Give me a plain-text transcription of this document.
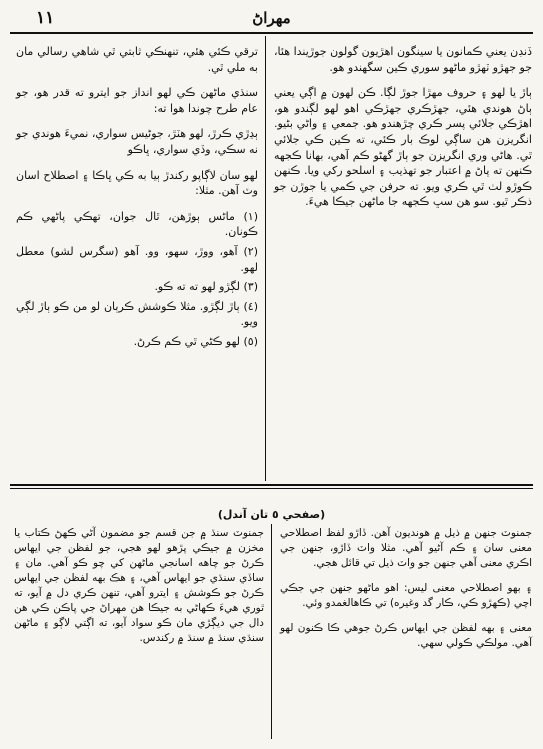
١١	مهراڻ

ڏنڊن يعني ڪمانون يا سينگون اهڙيون گولون جوڙيندا هئا، جو جهڙو ٽهڙو ماڻهو سوري ڪين سگهندو هو.

ٻاڙ يا لهو ۽ حروف مهڙا جوڙ لڳا. ڪن لهون ۾ اڳي يعني ٻاڻ هوندي هئي، جهڙڪري جهڙڪي اهو لهو لڳندو هو، اهڙڪي جلائي پسر ڪري چڙهندو هو. جمعي ۽ واڻي بڻيو. انگريزن هن ساڳي لوڪ بار ڪئي، ته ڪين ڪي جلائي ٿي. هاڻي وري انگريزن جو ٻاڙ گهڻو ڪم آهي، بهانا ڪجهه ڪنهن ته پاڻ ۾ اعتبار جو تهذيب ۽ اسلحو رکي ويا. ڪنهن ڪوڙو لٺ ٿي ڪري ويو. ته حرفن جي ڪمي يا جوڙن جو ذڪر ٿيو. سو هن سڀ ڪجهه جا ماڻهن جيڪا هيءَ.

ترقي ڪئي هئي، تنهنڪي ثابتي ٿي شاهي رسالي مان به ملي ٿي.

سنڌي ماڻهن ڪي لهو انداز جو ايترو ته قدر هو، جو عام طرح چوندا هوا ته:

ٻڍڙي ڪرڙ، لهو هٽڙ، جوڻيس سواري، نميءَ هوندي جو نه سڪي، وڏي سواري، ڀاڪو

لهو سان لاڳاپو رکندڙ ٻيا به ڪي ڀاڪا ۽ اصطلاح اسان وٽ آهن. مثلا:

(١) ماڻس ٻوڙهن، ٿال جوان، تهڪي پاڻهي ڪم ڪونان.
(٢) آهو، ووڙ، سهو، وو. آهو (سگرس لشو) معطل لهو.
(٣) لڳڙو لهو ته ته ڪو.
(٤) ٻاڙ لڳڙو. مثلا ڪوشش ڪرٻان لو من ڪو ٻاڙ لڳي ويو.
(٥) لهو ڪڻي ٿي ڪم ڪرڻ.
(صفحي ٥ تان آندل)

جمنوٽ جنهن ۾ ذيل ۾ هونديون آهن. ڏاڙو لفظ اصطلاحي معنى سان ۽ ڪم آڻيو آهي. مثلا واٽ ڏاڙو، جنهن جي اڪري معنى آهي جنهن جو واٽ ذيل تي قائل هجي.

۽ بهو اصطلاحي معنى ليس: اهو ماڻهو جنهن جي جڪي اچي (ڪهڙو ڪي، ڪار گد وغيره) تي ڪاهالغمدو وئي.

معنى ۽ بهه لفظن جي ايهاس ڪرڻ جوهي ڪا ڪنون لهو آهي. مولڪي ڪولي سهي.

جمنوٽ سنڌ ۾ جن قسم جو مضمون آڻي ڪهڻ ڪتاب يا مخزن ۾ جيڪي پڙهو لهو هجي، جو لفظن جي ايهاس ڪرڻ جو چاهه اسانجي ماڻهن کي چو ڪو آهي. مان ۽ ساڏي سنڌي جو ايهاس آهي، ۽ هڪ بهه لفظن جي ايهاس ڪرڻ جو ڪوشش ۽ ايترو آهي، تنهن ڪري دل ۾ آيو، ته ٿوري هيءَ ڪهاڻي به جيڪا هن مهراڻ جي پاڪن ڪي هن دال جي ديڳڙي مان ڪو سواد آيو، ته اڳتي لاڳو ۽ ماڻهن سنڌي سنڌ ۾ سنڌ ۾ رکندس.
